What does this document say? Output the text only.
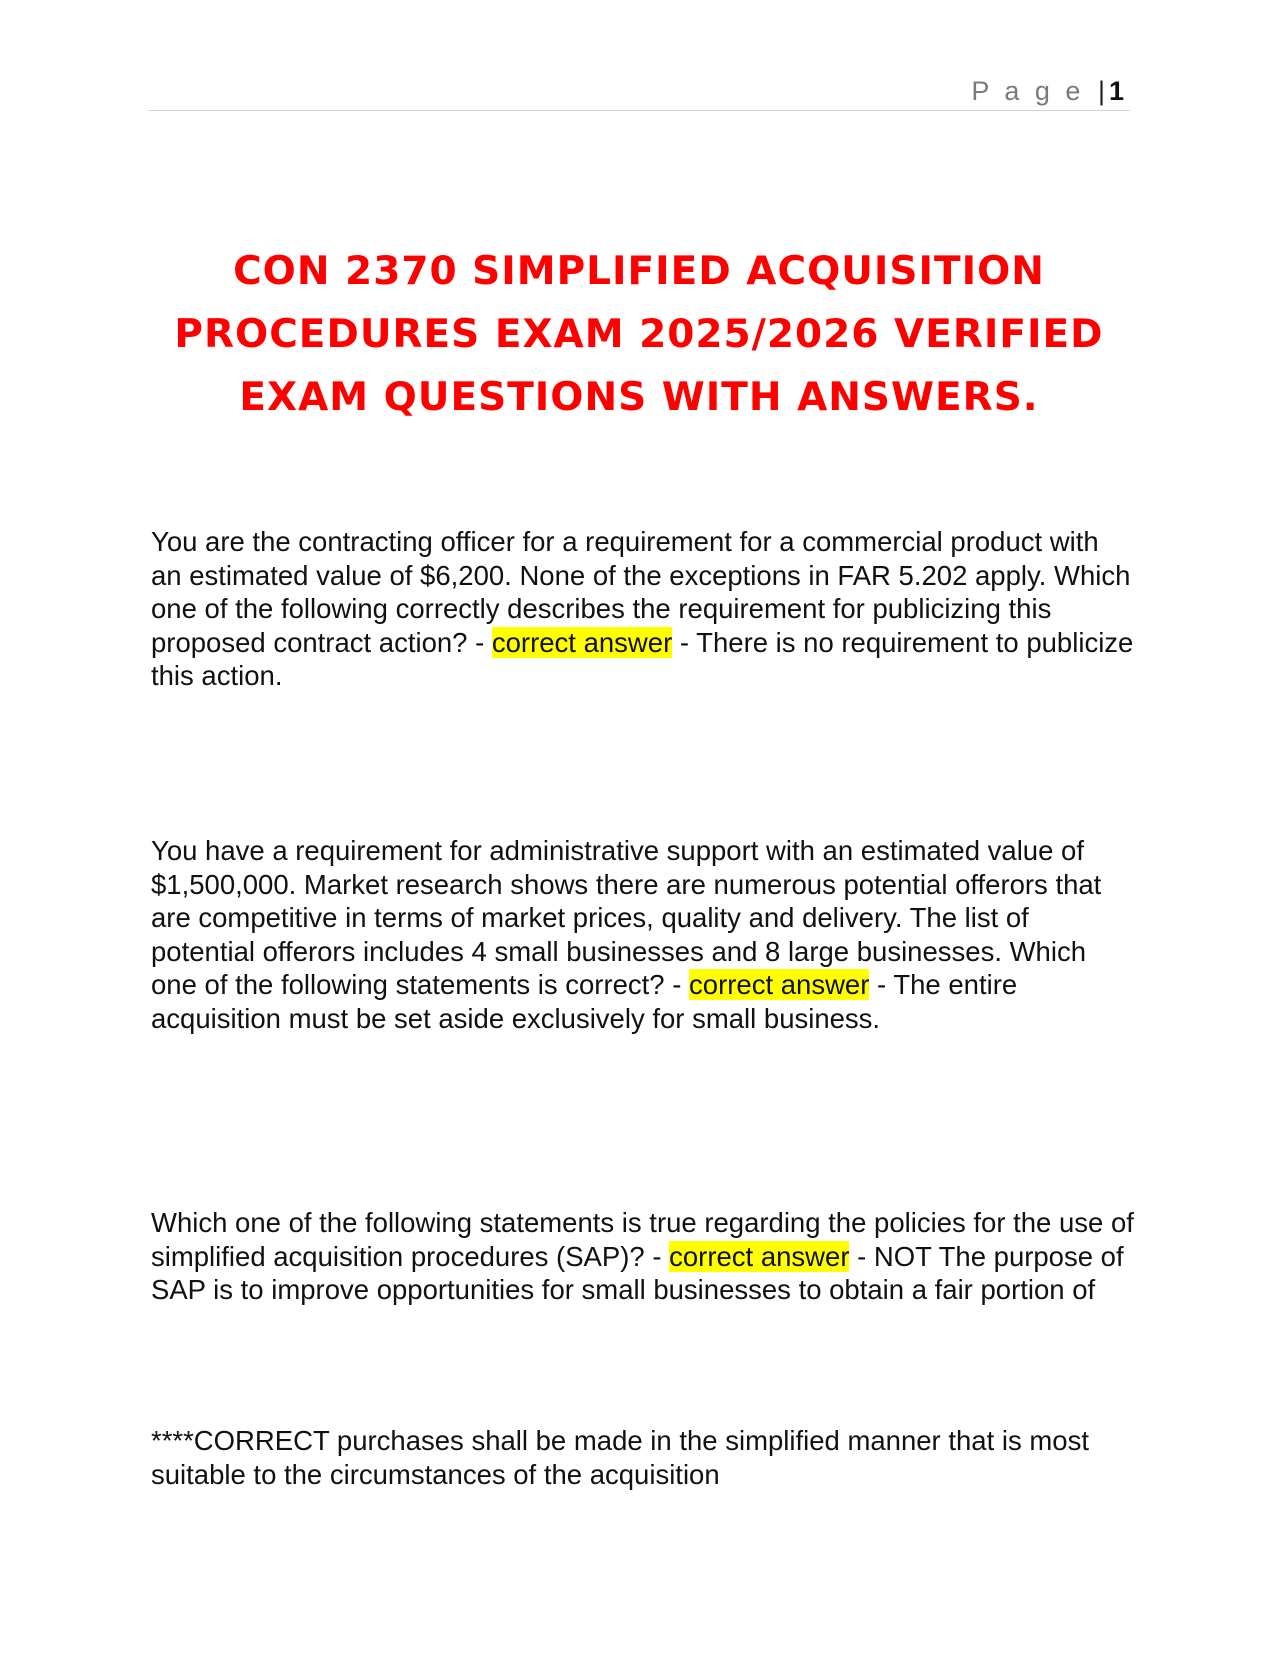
P a g e | 1
CON 2370 SIMPLIFIED ACQUISITION
PROCEDURES EXAM 2025/2026 VERIFIED
EXAM QUESTIONS WITH ANSWERS.

You are the contracting officer for a requirement for a commercial product with an estimated value of $6,200. None of the exceptions in FAR 5.202 apply. Which one of the following correctly describes the requirement for publicizing this proposed contract action? - correct answer - There is no requirement to publicize this action.

You have a requirement for administrative support with an estimated value of $1,500,000. Market research shows there are numerous potential offerors that are competitive in terms of market prices, quality and delivery. The list of potential offerors includes 4 small businesses and 8 large businesses. Which one of the following statements is correct? - correct answer - The entire acquisition must be set aside exclusively for small business.

Which one of the following statements is true regarding the policies for the use of simplified acquisition procedures (SAP)? - correct answer - NOT The purpose of SAP is to improve opportunities for small businesses to obtain a fair portion of

****CORRECT purchases shall be made in the simplified manner that is most suitable to the circumstances of the acquisition
